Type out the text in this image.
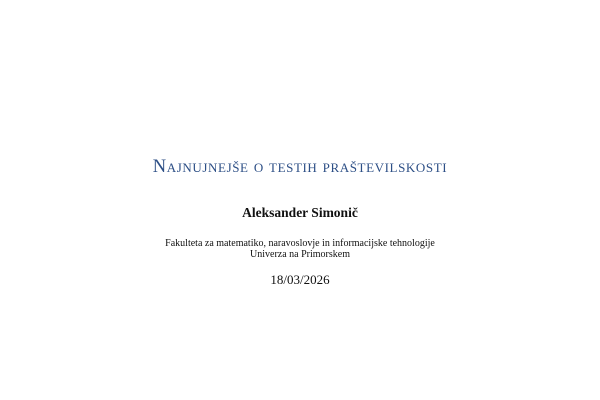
Najnujnejše o testih praštevilskosti
Aleksander Simonič
Fakulteta za matematiko, naravoslovje in informacijske tehnologije
Univerza na Primorskem
18/03/2026
